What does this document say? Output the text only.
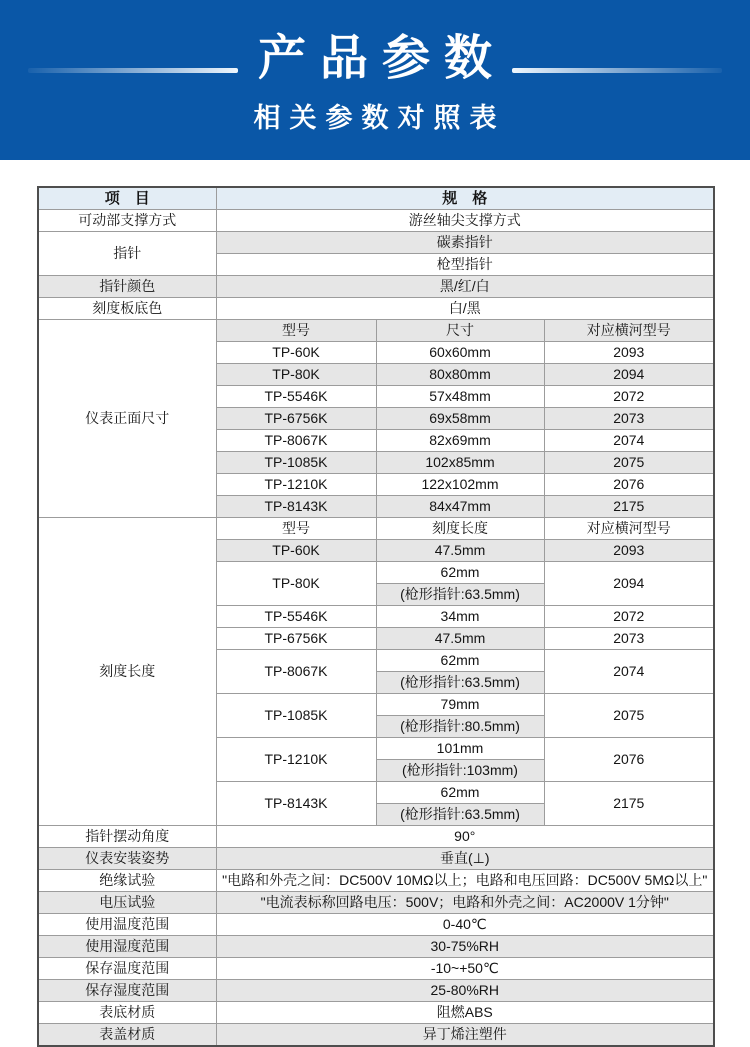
产品参数
相关参数对照表
项　目	规　格		
可动部支撑方式	游丝轴尖支撑方式		
指针	碳素指针		
	枪型指针		
指针颜色	黑/红/白		
刻度板底色	白/黑		
仪表正面尺寸	型号	尺寸	对应横河型号
	TP-60K	60x60mm	2093
	TP-80K	80x80mm	2094
	TP-5546K	57x48mm	2072
	TP-6756K	69x58mm	2073
	TP-8067K	82x69mm	2074
	TP-1085K	102x85mm	2075
	TP-1210K	122x102mm	2076
	TP-8143K	84x47mm	2175
刻度长度	型号	刻度长度	对应横河型号
	TP-60K	47.5mm	2093
	TP-80K	62mm	2094
		(枪形指针:63.5mm)	
	TP-5546K	34mm	2072
	TP-6756K	47.5mm	2073
	TP-8067K	62mm	2074
		(枪形指针:63.5mm)	
	TP-1085K	79mm	2075
		(枪形指针:80.5mm)	
	TP-1210K	101mm	2076
		(枪形指针:103mm)	
	TP-8143K	62mm	2175
		(枪形指针:63.5mm)	
指针摆动角度	90°		
仪表安装姿势	垂直(⊥)		
绝缘试验	"电路和外壳之间：DC500V 10MΩ以上；电路和电压回路：DC500V 5MΩ以上"		
电压试验	"电流表标称回路电压：500V；电路和外壳之间：AC2000V 1分钟"		
使用温度范围	0-40℃		
使用湿度范围	30-75%RH		
保存温度范围	-10~+50℃		
保存湿度范围	25-80%RH		
表底材质	阻燃ABS		
表盖材质	异丁烯注塑件		
